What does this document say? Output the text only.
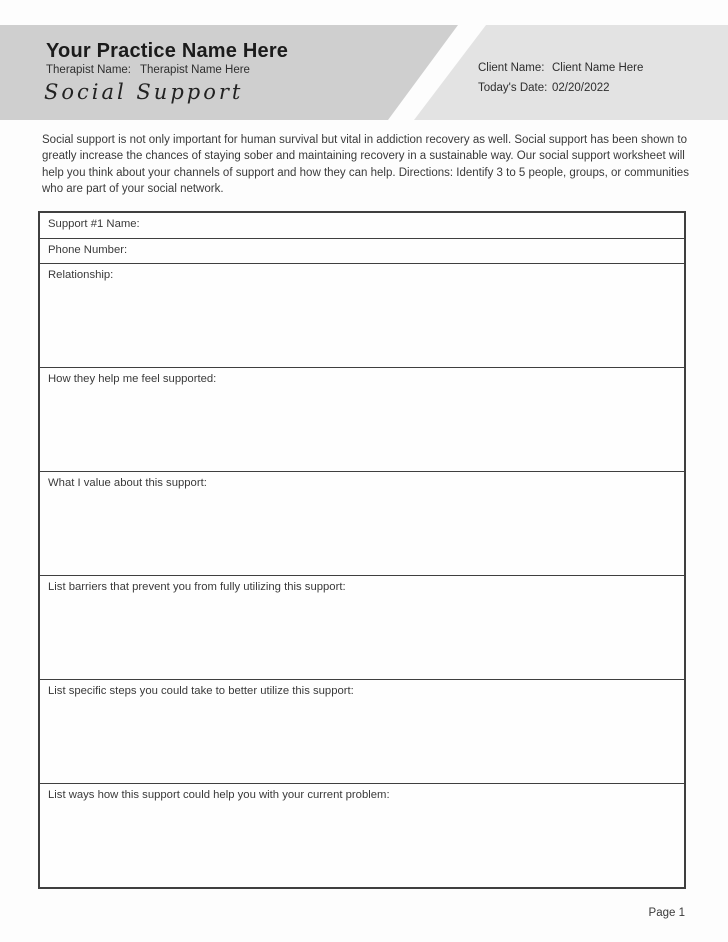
Your Practice Name Here
Therapist Name: Therapist Name Here
Social Support
Client Name: Client Name Here
Today's Date: 02/20/2022
Social support is not only important for human survival but vital in addiction recovery as well. Social support has been shown to greatly increase the chances of staying sober and maintaining recovery in a sustainable way. Our social support worksheet will help you think about your channels of support and how they can help. Directions: Identify 3 to 5 people, groups, or communities who are part of your social network.
Support #1 Name:
Phone Number:
Relationship:
How they help me feel supported:
What I value about this support:
List barriers that prevent you from fully utilizing this support:
List specific steps you could take to better utilize this support:
List ways how this support could help you with your current problem:
Page 1
